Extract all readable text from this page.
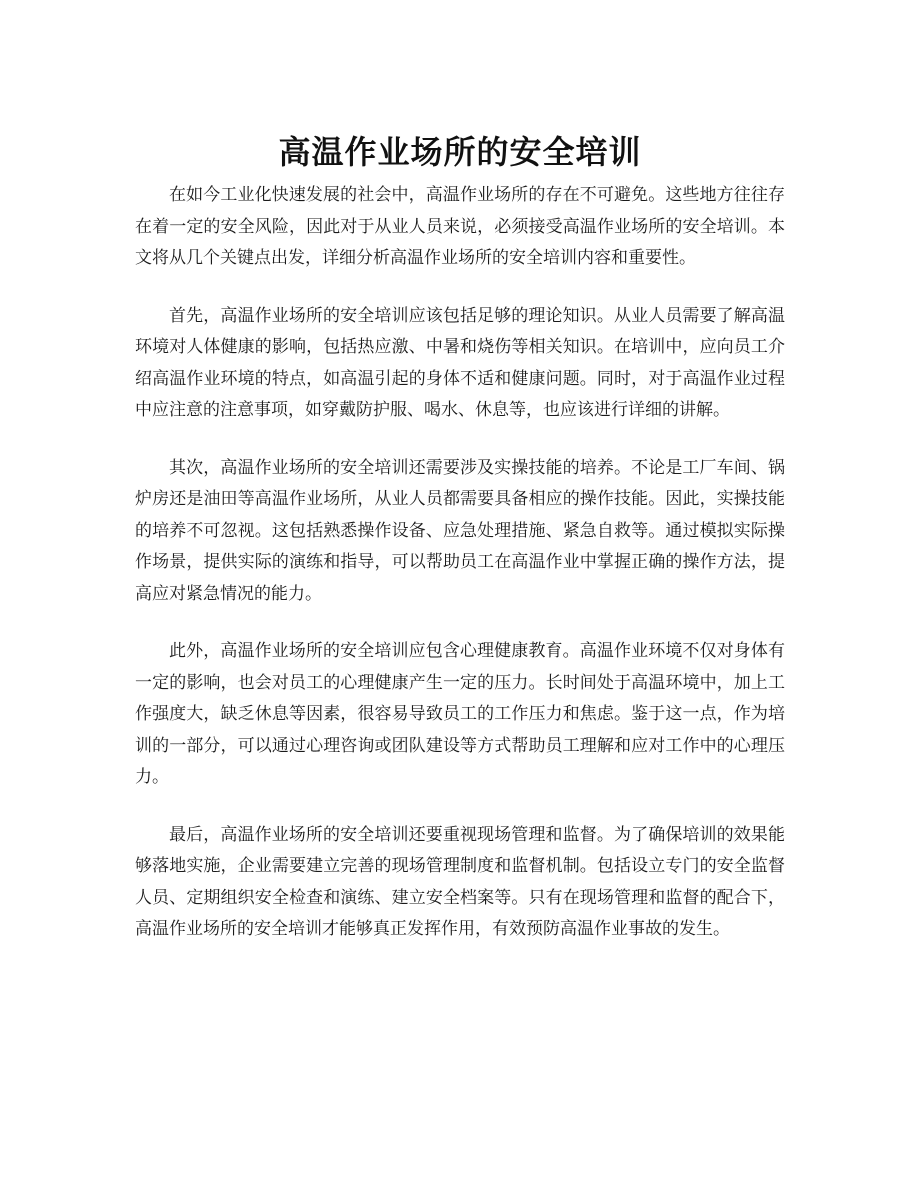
高温作业场所的安全培训

在如今工业化快速发展的社会中，高温作业场所的存在不可避免。这些地方往往存在着一定的安全风险，因此对于从业人员来说，必须接受高温作业场所的安全培训。本文将从几个关键点出发，详细分析高温作业场所的安全培训内容和重要性。

首先，高温作业场所的安全培训应该包括足够的理论知识。从业人员需要了解高温环境对人体健康的影响，包括热应激、中暑和烧伤等相关知识。在培训中，应向员工介绍高温作业环境的特点，如高温引起的身体不适和健康问题。同时，对于高温作业过程中应注意的注意事项，如穿戴防护服、喝水、休息等，也应该进行详细的讲解。

其次，高温作业场所的安全培训还需要涉及实操技能的培养。不论是工厂车间、锅炉房还是油田等高温作业场所，从业人员都需要具备相应的操作技能。因此，实操技能的培养不可忽视。这包括熟悉操作设备、应急处理措施、紧急自救等。通过模拟实际操作场景，提供实际的演练和指导，可以帮助员工在高温作业中掌握正确的操作方法，提高应对紧急情况的能力。

此外，高温作业场所的安全培训应包含心理健康教育。高温作业环境不仅对身体有一定的影响，也会对员工的心理健康产生一定的压力。长时间处于高温环境中，加上工作强度大，缺乏休息等因素，很容易导致员工的工作压力和焦虑。鉴于这一点，作为培训的一部分，可以通过心理咨询或团队建设等方式帮助员工理解和应对工作中的心理压力。

最后，高温作业场所的安全培训还要重视现场管理和监督。为了确保培训的效果能够落地实施，企业需要建立完善的现场管理制度和监督机制。包括设立专门的安全监督人员、定期组织安全检查和演练、建立安全档案等。只有在现场管理和监督的配合下，高温作业场所的安全培训才能够真正发挥作用，有效预防高温作业事故的发生。
